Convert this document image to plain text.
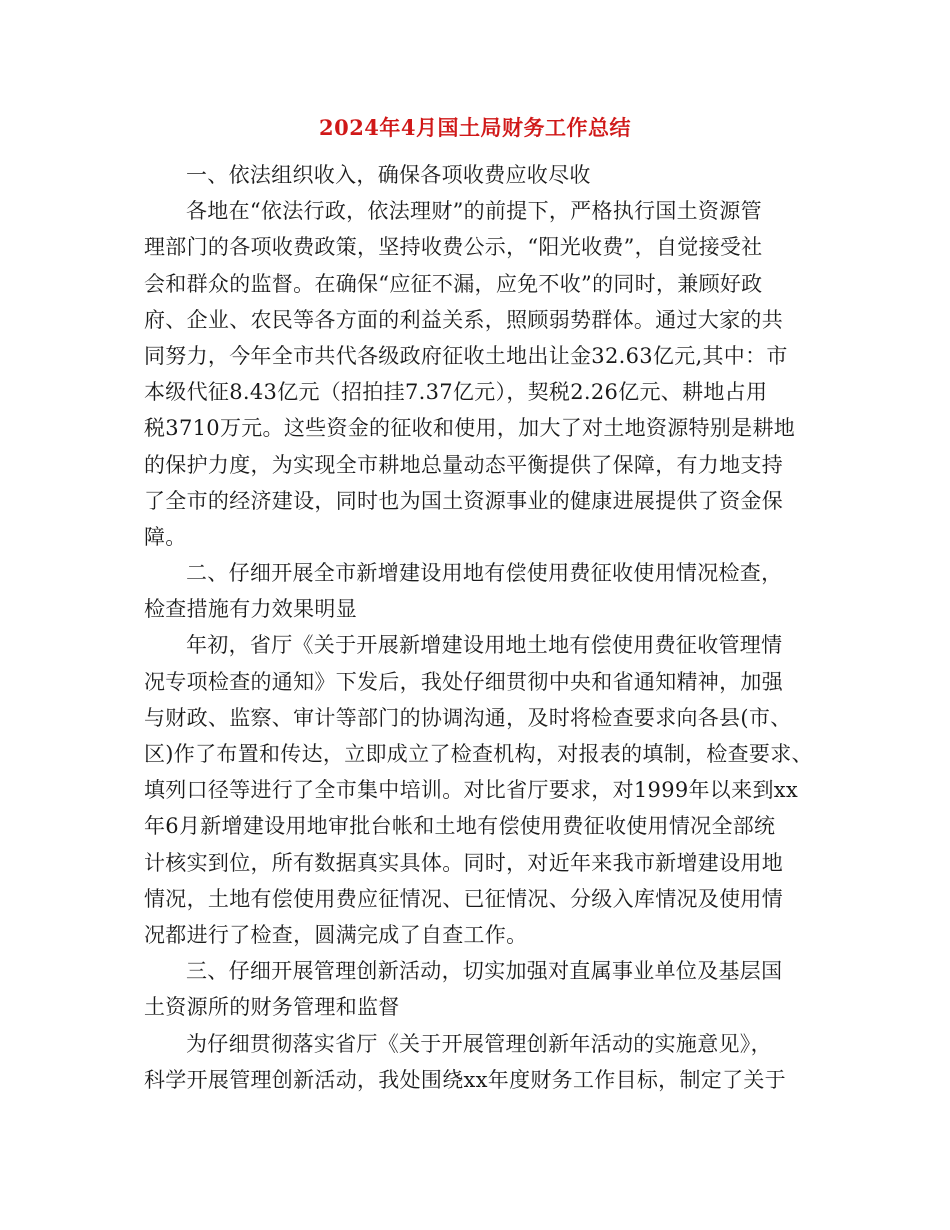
2024年4月国土局财务工作总结
一、依法组织收入，确保各项收费应收尽收
各地在“依法行政，依法理财”的前提下，严格执行国土资源管
理部门的各项收费政策，坚持收费公示，“阳光收费”，自觉接受社
会和群众的监督。在确保“应征不漏，应免不收”的同时，兼顾好政
府、企业、农民等各方面的利益关系，照顾弱势群体。通过大家的共
同努力，今年全市共代各级政府征收土地出让金32.63亿元,其中：市
本级代征8.43亿元（招拍挂7.37亿元），契税2.26亿元、耕地占用
税3710万元。这些资金的征收和使用，加大了对土地资源特别是耕地
的保护力度，为实现全市耕地总量动态平衡提供了保障，有力地支持
了全市的经济建设，同时也为国土资源事业的健康进展提供了资金保
障。
二、仔细开展全市新增建设用地有偿使用费征收使用情况检查，
检查措施有力效果明显
年初，省厅《关于开展新增建设用地土地有偿使用费征收管理情
况专项检查的通知》下发后，我处仔细贯彻中央和省通知精神，加强
与财政、监察、审计等部门的协调沟通，及时将检查要求向各县(市、
区)作了布置和传达，立即成立了检查机构，对报表的填制，检查要求、
填列口径等进行了全市集中培训。对比省厅要求，对1999年以来到xx
年6月新增建设用地审批台帐和土地有偿使用费征收使用情况全部统
计核实到位，所有数据真实具体。同时，对近年来我市新增建设用地
情况，土地有偿使用费应征情况、已征情况、分级入库情况及使用情
况都进行了检查，圆满完成了自查工作。
三、仔细开展管理创新活动，切实加强对直属事业单位及基层国
土资源所的财务管理和监督
为仔细贯彻落实省厅《关于开展管理创新年活动的实施意见》，
科学开展管理创新活动，我处围绕xx年度财务工作目标，制定了关于
